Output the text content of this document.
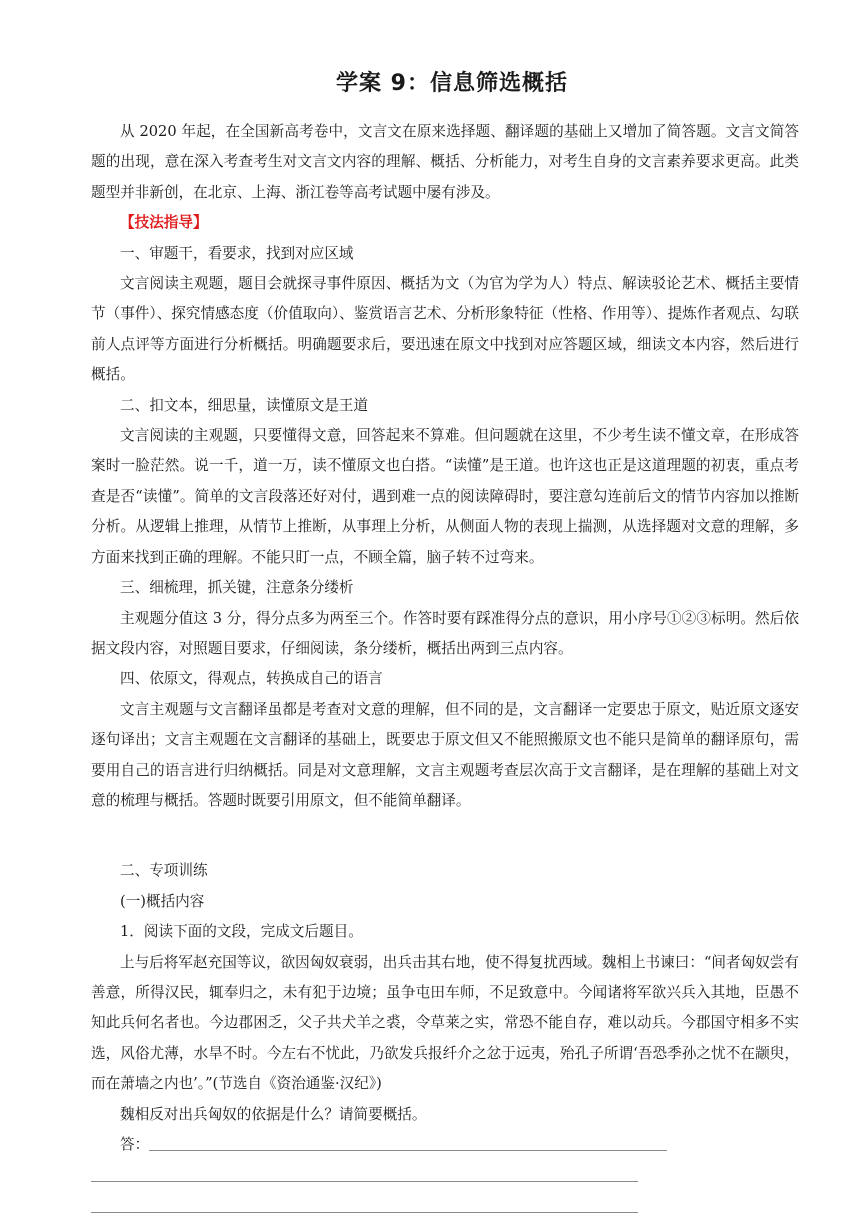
学案 9：信息筛选概括

从 2020 年起，在全国新高考卷中，文言文在原来选择题、翻译题的基础上又增加了简答题。文言文简答题的出现，意在深入考查考生对文言文内容的理解、概括、分析能力，对考生自身的文言素养要求更高。此类题型并非新创，在北京、上海、浙江卷等高考试题中屡有涉及。

【技法指导】

一、审题干，看要求，找到对应区域

文言阅读主观题，题目会就探寻事件原因、概括为文（为官为学为人）特点、解读驳论艺术、概括主要情节（事件）、探究情感态度（价值取向）、鉴赏语言艺术、分析形象特征（性格、作用等）、提炼作者观点、勾联前人点评等方面进行分析概括。明确题要求后，要迅速在原文中找到对应答题区域，细读文本内容，然后进行概括。

二、扣文本，细思量，读懂原文是王道

文言阅读的主观题，只要懂得文意，回答起来不算难。但问题就在这里，不少考生读不懂文章，在形成答案时一脸茫然。说一千，道一万，读不懂原文也白搭。“读懂”是王道。也许这也正是这道理题的初衷，重点考查是否“读懂”。简单的文言段落还好对付，遇到难一点的阅读障碍时，要注意勾连前后文的情节内容加以推断分析。从逻辑上推理，从情节上推断，从事理上分析，从侧面人物的表现上揣测，从选择题对文意的理解，多方面来找到正确的理解。不能只盯一点，不顾全篇，脑子转不过弯来。

三、细梳理，抓关键，注意条分缕析

主观题分值这 3 分，得分点多为两至三个。作答时要有踩准得分点的意识，用小序号①②③标明。然后依据文段内容，对照题目要求，仔细阅读，条分缕析，概括出两到三点内容。

四、依原文，得观点，转换成自己的语言

文言主观题与文言翻译虽都是考查对文意的理解，但不同的是，文言翻译一定要忠于原文，贴近原文逐安逐句译出；文言主观题在文言翻译的基础上，既要忠于原文但又不能照搬原文也不能只是简单的翻译原句，需要用自己的语言进行归纳概括。同是对文意理解，文言主观题考查层次高于文言翻译，是在理解的基础上对文意的梳理与概括。答题时既要引用原文，但不能简单翻译。

二、专项训练

(一)概括内容

1．阅读下面的文段，完成文后题目。

上与后将军赵充国等议，欲因匈奴衰弱，出兵击其右地，使不得复扰西域。魏相上书谏曰：“间者匈奴尝有善意，所得汉民，辄奉归之，未有犯于边境；虽争屯田车师，不足致意中。今闻诸将军欲兴兵入其地，臣愚不知此兵何名者也。今边郡困乏，父子共犬羊之裘，令草莱之实，常恐不能自存，难以动兵。今郡国守相多不实选，风俗尤薄，水旱不时。今左右不忧此，乃欲发兵报纤介之忿于远夷，殆孔子所谓‘吾恐季孙之忧不在颛臾，而在萧墙之内也’。”(节选自《资治通鉴·汉纪》)

魏相反对出兵匈奴的依据是什么？请简要概括。

答：
